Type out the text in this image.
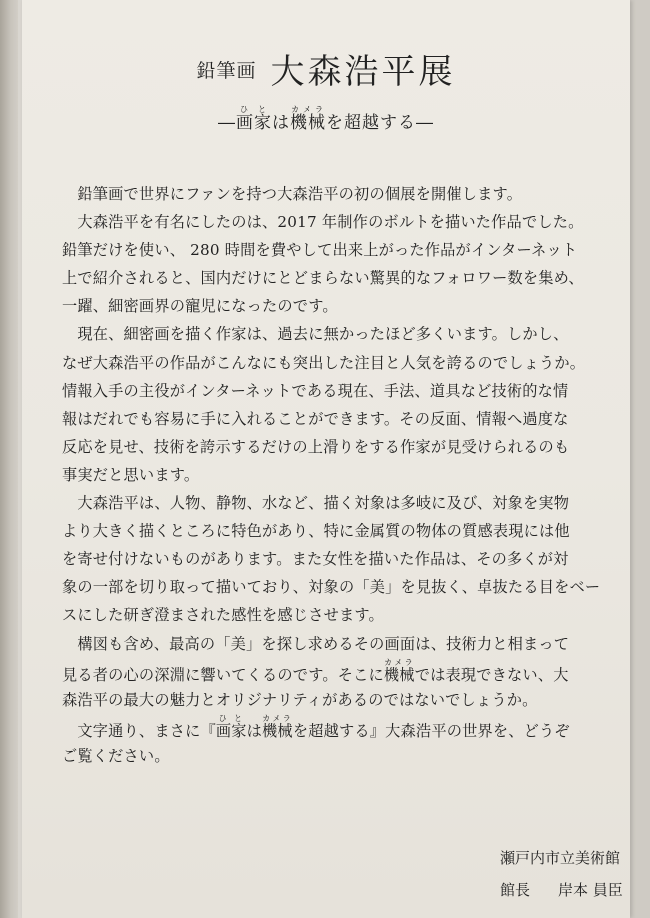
鉛筆画 大森浩平展
―画家ひとは機械カメラを超越する―
　鉛筆画で世界にファンを持つ大森浩平の初の個展を開催します。
　大森浩平を有名にしたのは、2017 年制作のボルトを描いた作品でした。
鉛筆だけを使い、 280 時間を費やして出来上がった作品がインターネット
上で紹介されると、国内だけにとどまらない驚異的なフォロワー数を集め、
一躍、細密画界の寵児になったのです。
　現在、細密画を描く作家は、過去に無かったほど多くいます。しかし、
なぜ大森浩平の作品がこんなにも突出した注目と人気を誇るのでしょうか。
情報入手の主役がインターネットである現在、手法、道具など技術的な情
報はだれでも容易に手に入れることができます。その反面、情報へ過度な
反応を見せ、技術を誇示するだけの上滑りをする作家が見受けられるのも
事実だと思います。
　大森浩平は、人物、静物、水など、描く対象は多岐に及び、対象を実物
より大きく描くところに特色があり、特に金属質の物体の質感表現には他
を寄せ付けないものがあります。また女性を描いた作品は、その多くが対
象の一部を切り取って描いており、対象の「美」を見抜く、卓抜たる目をベー
スにした研ぎ澄まされた感性を感じさせます。
　構図も含め、最高の「美」を探し求めるその画面は、技術力と相まって
見る者の心の深淵に響いてくるのです。そこに機械カメラでは表現できない、大
森浩平の最大の魅力とオリジナリティがあるのではないでしょうか。
　文字通り、まさに『画家ひとは機械カメラを超越する』大森浩平の世界を、どうぞ
ご覧ください。
瀬戸内市立美術館
館長 岸本 員臣
